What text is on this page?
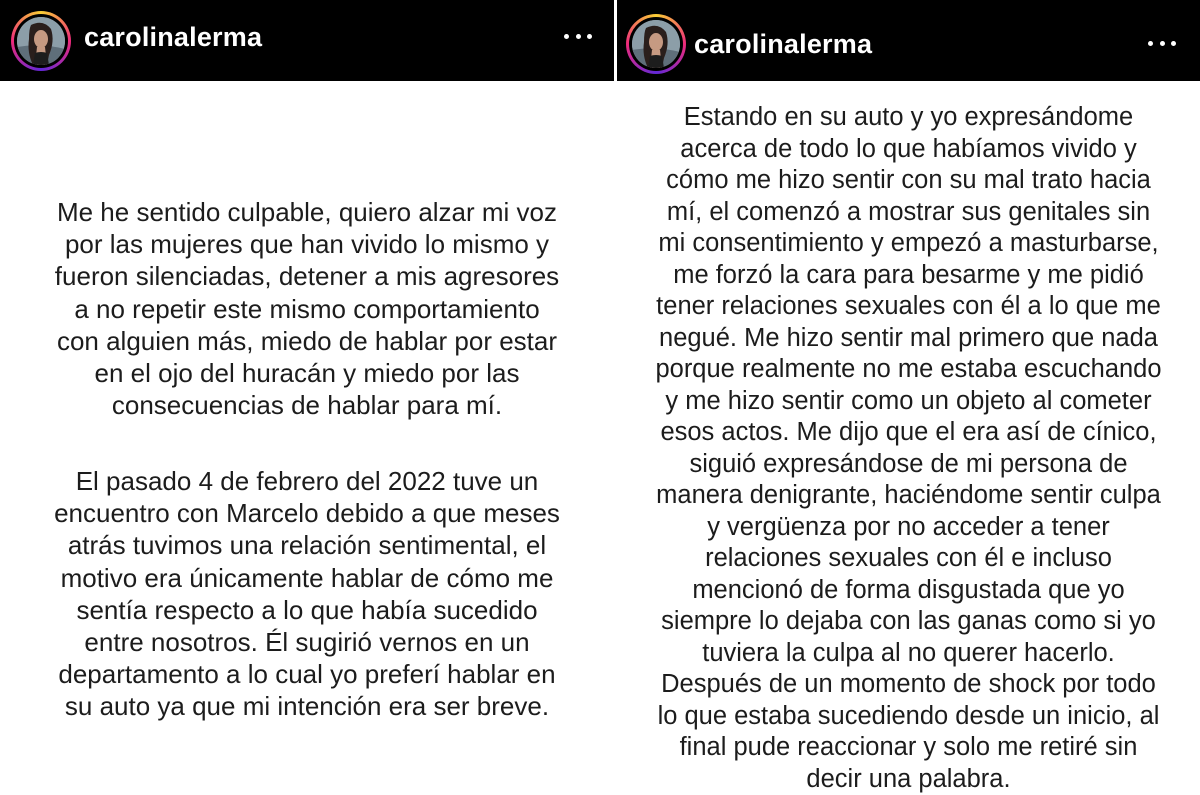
carolinalerma
Me he sentido culpable, quiero alzar mi voz
por las mujeres que han vivido lo mismo y
fueron silenciadas, detener a mis agresores
a no repetir este mismo comportamiento
con alguien más, miedo de hablar por estar
en el ojo del huracán y miedo por las
consecuencias de hablar para mí.
El pasado 4 de febrero del 2022 tuve un
encuentro con Marcelo debido a que meses
atrás tuvimos una relación sentimental, el
motivo era únicamente hablar de cómo me
sentía respecto a lo que había sucedido
entre nosotros. Él sugirió vernos en un
departamento a lo cual yo preferí hablar en
su auto ya que mi intención era ser breve.
carolinalerma
Estando en su auto y yo expresándome
acerca de todo lo que habíamos vivido y
cómo me hizo sentir con su mal trato hacia
mí, el comenzó a mostrar sus genitales sin
mi consentimiento y empezó a masturbarse,
me forzó la cara para besarme y me pidió
tener relaciones sexuales con él a lo que me
negué. Me hizo sentir mal primero que nada
porque realmente no me estaba escuchando
y me hizo sentir como un objeto al cometer
esos actos. Me dijo que el era así de cínico,
siguió expresándose de mi persona de
manera denigrante, haciéndome sentir culpa
y vergüenza por no acceder a tener
relaciones sexuales con él e incluso
mencionó de forma disgustada que yo
siempre lo dejaba con las ganas como si yo
tuviera la culpa al no querer hacerlo.
Después de un momento de shock por todo
lo que estaba sucediendo desde un inicio, al
final pude reaccionar y solo me retiré sin
decir una palabra.
